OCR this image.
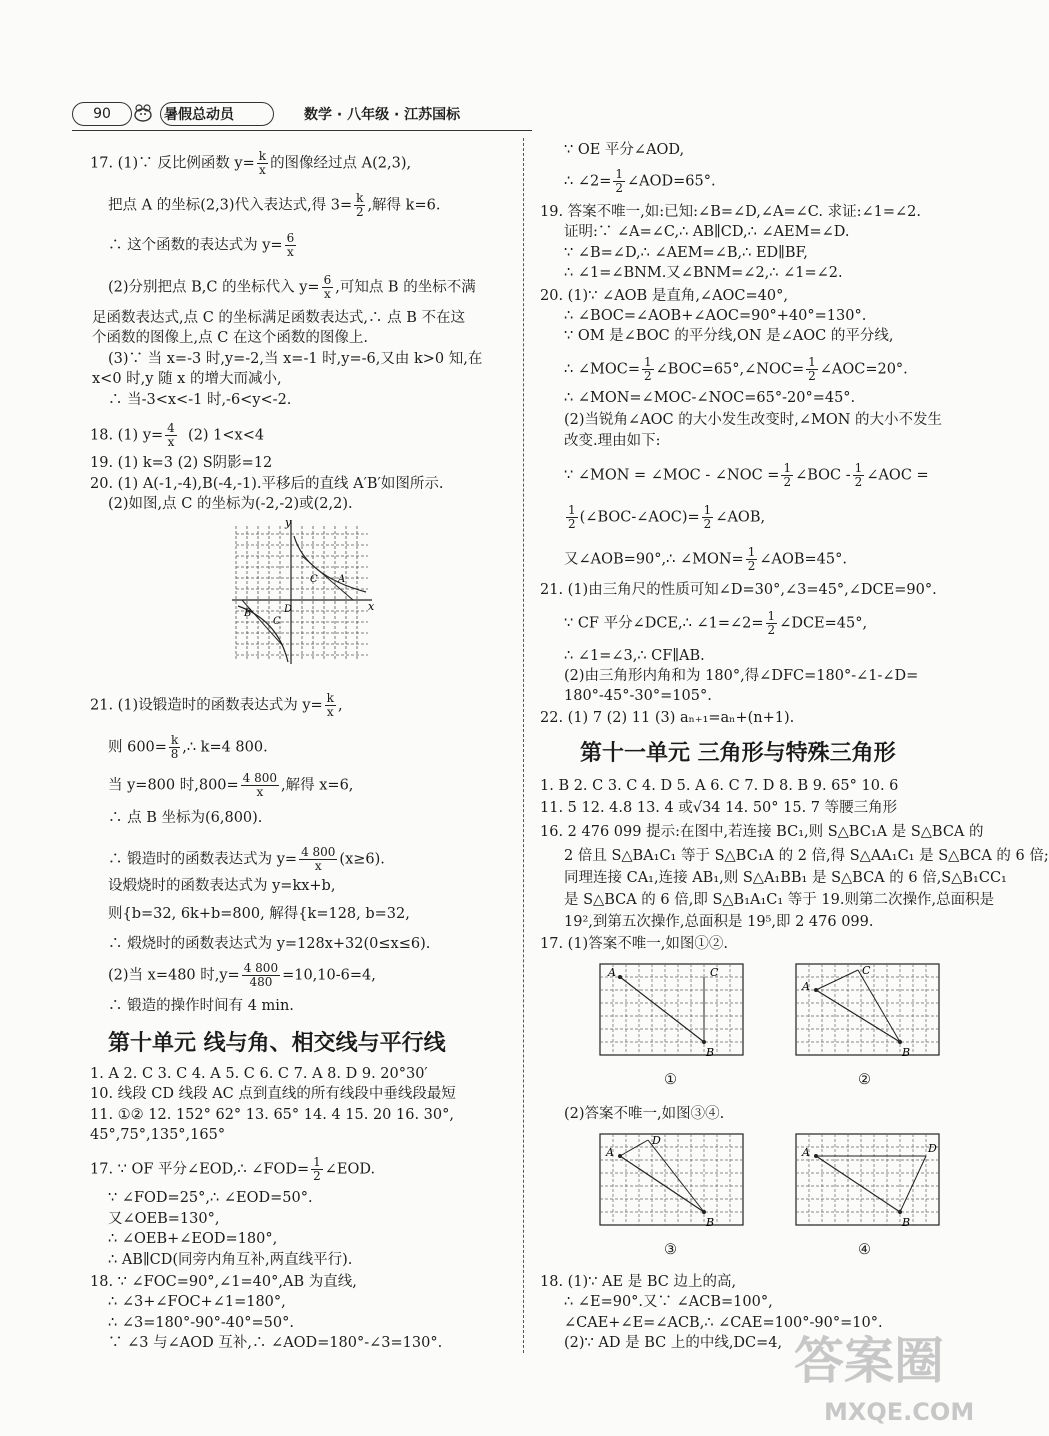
90	暑假总动员	数学 · 八年级 · 江苏国标
17. (1)∵ 反比例函数 $y= \frac{k}{x}$ 的图像经过点 A(2,3),
把点 A 的坐标(2,3)代入表达式,得 $3= \frac{k}{2}$ ,解得 k=6.
∴ 这个函数的表达式为 $y= \frac{6}{x}$
(2)分别把点 B,C 的坐标代入 $y= \frac{6}{x}$ ,可知点 B 的坐标不满
足函数表达式,点 C 的坐标满足函数表达式,∴ 点 B 不在这
个函数的图像上,点 C 在这个函数的图像上.
(3)∵ 当 x=-3 时,y=-2,当 x=-1 时,y=-6,又由 k>0 知,在
x<0 时,y 随 x 的增大而减小,
∴ 当-3<x<-1 时,-6<y<-2.
18. (1) $y= \frac{4}{x} (2)$ 1<x<4
19. (1) k=3 (2) S阴影=12
20. (1) A(-1,-4),B(-4,-1).平移后的直线 A′B′如图所示.
(2)如图,点 C 的坐标为(-2,-2)或(2,2).
y
x
D
C A
B
C
21. (1)设锻造时的函数表达式为 $y= \frac{k}{x}$ ,
则 $600= \frac{k}{8}$ ,∴ k=4 800.
当 y=800 时$,800= \frac{4 800}{x}$ ,解得 x=6,
∴ 点 B 坐标为(6,800).
∴ 锻造时的函数表达式为 $y= \frac{4 800}{x} (x\ge 6)$.
设煅烧时的函数表达式为 y=kx+b,
则{b=32, 6k+b=800, 解得{k=128, b=32,
∴ 煅烧时的函数表达式为 y=128x+32(0≤x≤6).
(2)当 x=480 时$,y= \frac{4 800}{480} =10,10-6=4$,
∴ 锻造的操作时间有 4 min.
第十单元 线与角、相交线与平行线
1. A 2. C 3. C 4. A 5. C 6. C 7. A 8. D 9. 20°30′
10. 线段 CD 线段 AC 点到直线的所有线段中垂线段最短
11. ①② 12. 152° 62° 13. 65° 14. 4 15. 20 16. 30°,
45°,75°,135°,165°
17. ∵ OF 平分∠EOD,∴ ∠FOD= $\frac{1}{2}$ ∠EOD.
∵ ∠FOD=25°,∴ ∠EOD=50°.
又∠OEB=130°,
∴ ∠OEB+∠EOD=180°,
∴ AB∥CD(同旁内角互补,两直线平行).
18. ∵ ∠FOC=90°,∠1=40°,AB 为直线,
∴ ∠3+∠FOC+∠1=180°,
∴ ∠3=180°-90°-40°=50°.
∵ ∠3 与∠AOD 互补,∴ ∠AOD=180°-∠3=130°.
∵ OE 平分∠AOD,
∴ ∠2= $\frac{1}{2}$ ∠AOD=65°.
19. 答案不唯一,如:已知:∠B=∠D,∠A=∠C. 求证:∠1=∠2.
证明:∵ ∠A=∠C,∴ AB∥CD,∴ ∠AEM=∠D.
∵ ∠B=∠D,∴ ∠AEM=∠B,∴ ED∥BF,
∴ ∠1=∠BNM.又∠BNM=∠2,∴ ∠1=∠2.
20. (1)∵ ∠AOB 是直角,∠AOC=40°,
∴ ∠BOC=∠AOB+∠AOC=90°+40°=130°.
∵ OM 是∠BOC 的平分线,ON 是∠AOC 的平分线,
∴ ∠MOC= $\frac{1}{2}$ ∠BOC=65°,∠NOC= $\frac{1}{2}$ ∠AOC=20°.
∴ ∠MON=∠MOC-∠NOC=65°-20°=45°.
(2)当锐角∠AOC 的大小发生改变时,∠MON 的大小不发生
改变.理由如下:
∵ ∠MON = ∠MOC - ∠NOC = $\frac{1}{2}$ ∠BOC - $\frac{1}{2}$ ∠AOC =
$\frac{1}{2}$ (∠BOC-∠AOC)= $\frac{1}{2}$ ∠AOB,
又∠AOB=90°,∴ ∠MON= $\frac{1}{2}$ ∠AOB=45°.
21. (1)由三角尺的性质可知∠D=30°,∠3=45°,∠DCE=90°.
∵ CF 平分∠DCE,∴ ∠1=∠2= $\frac{1}{2}$ ∠DCE=45°,
∴ ∠1=∠3,∴ CF∥AB.
(2)由三角形内角和为 180°,得∠DFC=180°-∠1-∠D=
180°-45°-30°=105°.
22. (1) 7 (2) 11 (3) aₙ₊₁=aₙ+(n+1).
第十一单元 三角形与特殊三角形
1. B 2. C 3. C 4. D 5. A 6. C 7. D 8. B 9. 65° 10. 6
11. 5 12. 4.8 13. 4 或√34 14. 50° 15. 7 等腰三角形
16. 2 476 099 提示:在图中,若连接 BC₁,则 S△BC₁A 是 S△BCA 的
2 倍且 S△BA₁C₁ 等于 S△BC₁A 的 2 倍,得 S△AA₁C₁ 是 S△BCA 的 6 倍;
同理连接 CA₁,连接 AB₁,则 S△A₁BB₁ 是 S△BCA 的 6 倍,S△B₁CC₁
是 S△BCA 的 6 倍,即 S△B₁A₁C₁ 等于 19.则第二次操作,总面积是
19²,到第五次操作,总面积是 19⁵,即 2 476 099.
17. (1)答案不唯一,如图①②.
A	C
B
①
A
C
B
②
(2)答案不唯一,如图③④.
A
D
B
③
A	D
B
④
18. (1)∵ AE 是 BC 边上的高,
∴ ∠E=90°.又∵ ∠ACB=100°,
∠CAE+∠E=∠ACB,∴ ∠CAE=100°-90°=10°.
(2)∵ AD 是 BC 上的中线,DC=4, 答案圈
MXQE.COM
